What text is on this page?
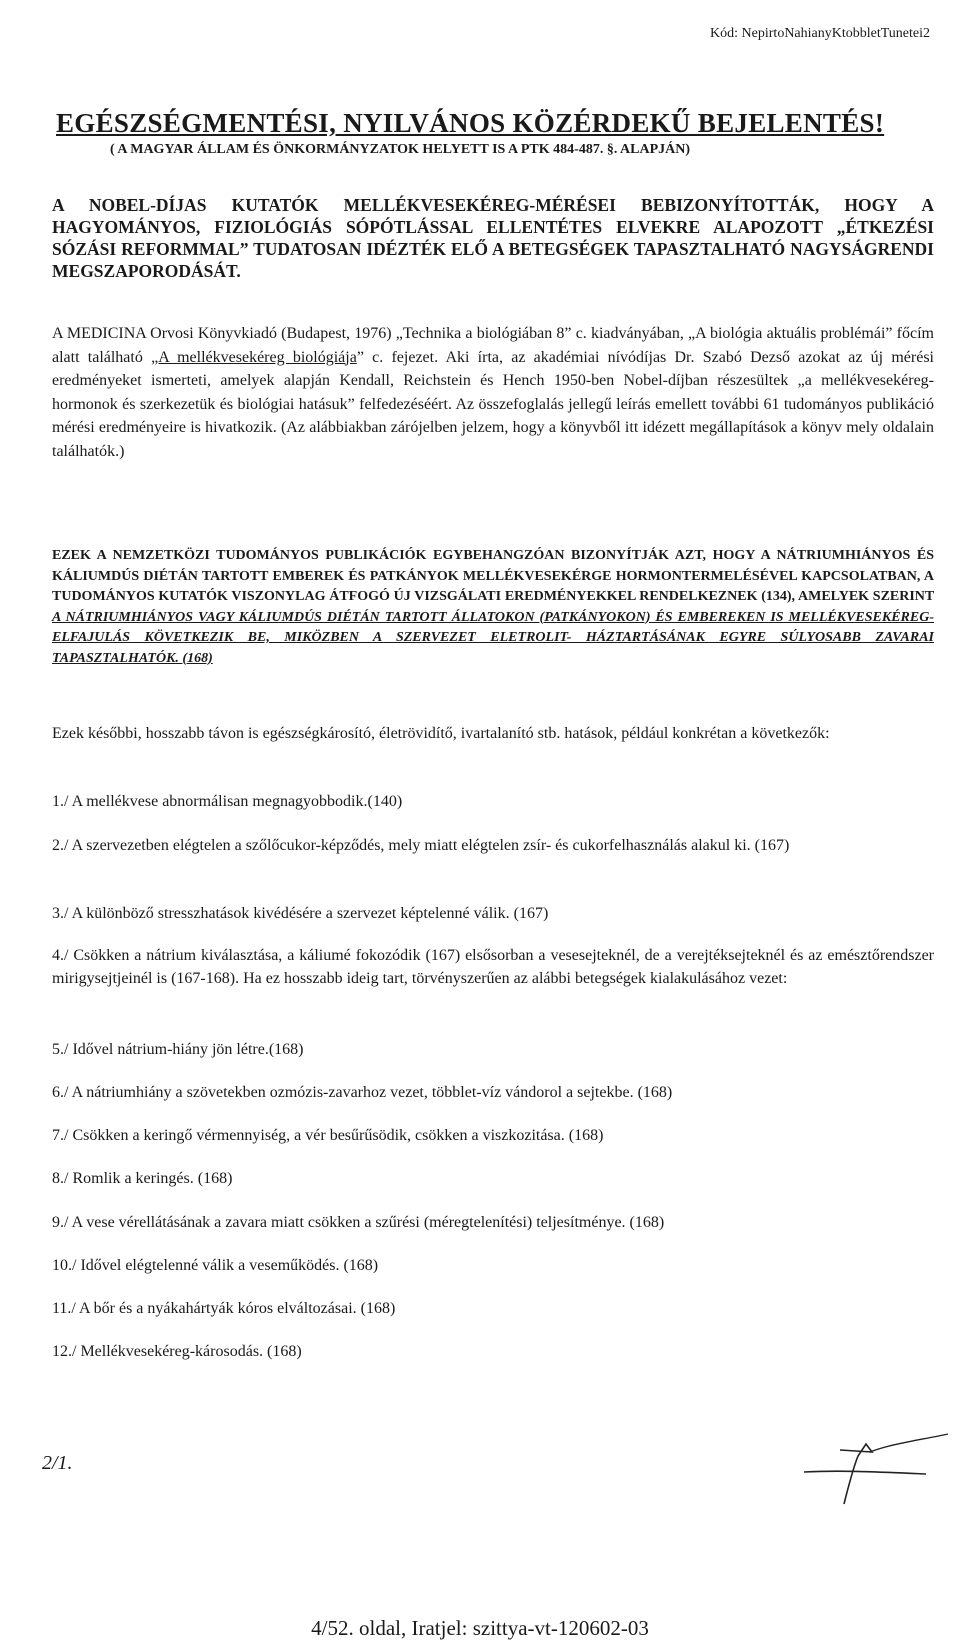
Kód: NepirtoNahianyKtobbletTunetei2
EGÉSZSÉGMENTÉSI, NYILVÁNOS KÖZÉRDEKŰ BEJELENTÉS!
( A MAGYAR ÁLLAM ÉS ÖNKORMÁNYZATOK HELYETT IS A PTK 484-487. §. ALAPJÁN)
A NOBEL-DÍJAS KUTATÓK MELLÉKVESEKÉREG-MÉRÉSEI BEBIZONYÍTOTTÁK, HOGY A HAGYOMÁNYOS, FIZIOLÓGIÁS SÓPÓTLÁSSAL ELLENTÉTES ELVEKRE ALAPOZOTT „ÉTKEZÉSI SÓZÁSI REFORMMAL” TUDATOSAN IDÉZTÉK ELŐ A BETEGSÉGEK TAPASZTALHATÓ NAGYSÁGRENDI MEGSZAPORODÁSÁT.
A MEDICINA Orvosi Könyvkiadó (Budapest, 1976) „Technika a biológiában 8” c. kiadványában, „A biológia aktuális problémái” főcím alatt található „A mellékvesekéreg biológiája” c. fejezet. Aki írta, az akadémiai nívódíjas Dr. Szabó Dezső azokat az új mérési eredményeket ismerteti, amelyek alapján Kendall, Reichstein és Hench 1950-ben Nobel-díjban részesültek „a mellékvesekéreg-hormonok és szerkezetük és biológiai hatásuk” felfedezéséért. Az összefoglalás jellegű leírás emellett további 61 tudományos publikáció mérési eredményeire is hivatkozik. (Az alábbiakban zárójelben jelzem, hogy a könyvből itt idézett megállapítások a könyv mely oldalain találhatók.)
EZEK A NEMZETKÖZI TUDOMÁNYOS PUBLIKÁCIÓK EGYBEHANGZÓAN BIZONYÍTJÁK AZT, HOGY A NÁTRIUMHIÁNYOS ÉS KÁLIUMDÚS DIÉTÁN TARTOTT EMBEREK ÉS PATKÁNYOK MELLÉKVESEKÉRGE HORMONTERMELÉSÉVEL KAPCSOLATBAN, A TUDOMÁNYOS KUTATÓK VISZONYLAG ÁTFOGÓ ÚJ VIZSGÁLATI EREDMÉNYEKKEL RENDELKEZNEK (134), AMELYEK SZERINT A NÁTRIUMHIÁNYOS VAGY KÁLIUMDÚS DIÉTÁN TARTOTT ÁLLATOKON (PATKÁNYOKON) ÉS EMBEREKEN IS MELLÉKVESEKÉREG-ELFAJULÁS KÖVETKEZIK BE, MIKÖZBEN A SZERVEZET ELETROLIT- HÁZTARTÁSÁNAK EGYRE SÚLYOSABB ZAVARAI TAPASZTALHATÓK. (168)
Ezek későbbi, hosszabb távon is egészségkárosító, életrövidítő, ivartalanító stb. hatások, például konkrétan a következők:
1./ A mellékvese abnormálisan megnagyobbodik.(140)
2./ A szervezetben elégtelen a szőlőcukor-képződés, mely miatt elégtelen zsír- és cukorfelhasználás alakul ki. (167)
3./ A különböző stresszhatások kivédésére a szervezet képtelenné válik. (167)
4./ Csökken a nátrium kiválasztása, a káliumé fokozódik (167) elsősorban a vesesejteknél, de a verejtéksejteknél és az emésztőrendszer mirigysejtjeinél is (167-168). Ha ez hosszabb ideig tart, törvényszerűen az alábbi betegségek kialakulásához vezet:
5./ Idővel nátrium-hiány jön létre.(168)
6./ A nátriumhiány a szövetekben ozmózis-zavarhoz vezet, többlet-víz vándorol a sejtekbe. (168)
7./ Csökken a keringő vérmennyiség, a vér besűrűsödik, csökken a viszkozitása. (168)
8./ Romlik a keringés. (168)
9./ A vese vérellátásának a zavara miatt csökken a szűrési (méregtelenítési) teljesítménye. (168)
10./ Idővel elégtelenné válik a veseműködés. (168)
11./ A bőr és a nyákahártyák kóros elváltozásai. (168)
12./ Mellékvesekéreg-károsodás. (168)
2/1.
4/52. oldal, Iratjel: szittya-vt-120602-03
